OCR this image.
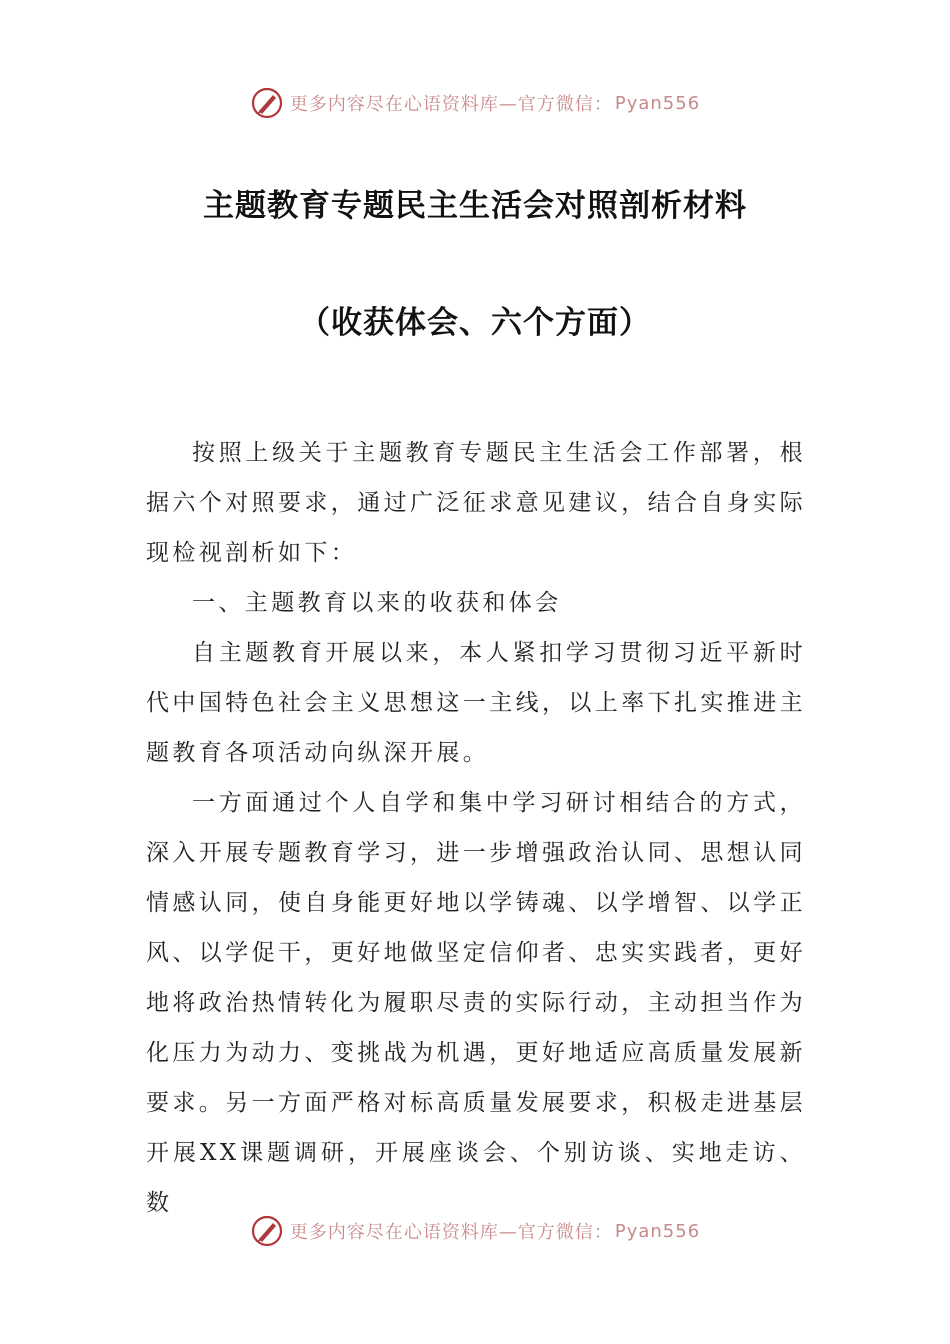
更多内容尽在心语资料库—官方微信： Pyan556
主题教育专题民主生活会对照剖析材料
（收获体会、六个方面）

按照上级关于主题教育专题民主生活会工作部署，根据六个对照要求，通过广泛征求意见建议，结合自身实际现检视剖析如下：

一、主题教育以来的收获和体会

自主题教育开展以来，本人紧扣学习贯彻习近平新时代中国特色社会主义思想这一主线，以上率下扎实推进主题教育各项活动向纵深开展。

一方面通过个人自学和集中学习研讨相结合的方式，深入开展专题教育学习，进一步增强政治认同、思想认同情感认同，使自身能更好地以学铸魂、以学增智、以学正风、以学促干，更好地做坚定信仰者、忠实实践者，更好地将政治热情转化为履职尽责的实际行动，主动担当作为化压力为动力、变挑战为机遇，更好地适应高质量发展新要求。另一方面严格对标高质量发展要求，积极走进基层开展XX课题调研，开展座谈会、个别访谈、实地走访、数

更多内容尽在心语资料库—官方微信： Pyan556
